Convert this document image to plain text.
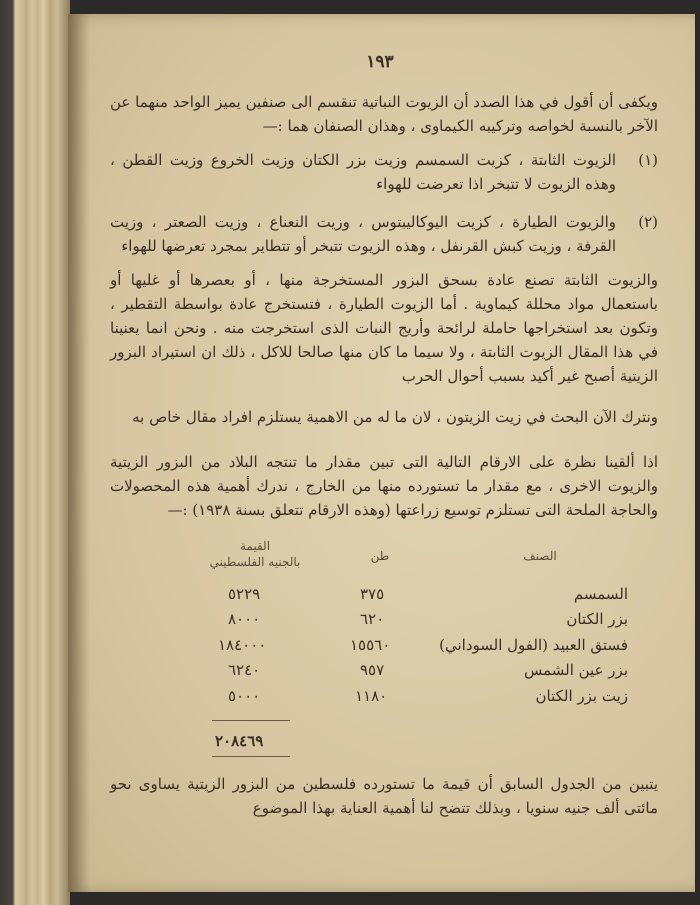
١٩٣
ويكفى أن أقول في هذا الصدد أن الزيوت النباتية تنقسم الى صنفين يميز الواحد منهما عن الآخر بالنسبة لخواصه وتركيبه الكيماوى ، وهذان الصنفان هما :—
(١)
الزيوت الثابتة ، كزيت السمسم وزيت بزر الكتان وزيت الخروع وزيت القطن ، وهذه الزيوت لا تتبخر اذا تعرضت للهواء
(٢)
والزيوت الطيارة ، كزيت اليوكاليبتوس ، وزيت النعناع ، وزيت الصعتر ، وزيت القرفة ، وزيت كبش القرنفل ، وهذه الزيوت تتبخر أو تتطاير بمجرد تعرضها للهواء
والزيوت الثابتة تصنع عادة بسحق البزور المستخرجة منها ، أو بعصرها أو غليها أو باستعمال مواد محللة كيماوية . أما الزيوت الطيارة ، فتستخرج عادة بواسطة التقطير ، وتكون بعد استخراجها حاملة لرائحة وأريج النبات الذى استخرجت منه . ونحن انما يعنينا في هذا المقال الزيوت الثابتة ، ولا سيما ما كان منها صالحا للاكل ، ذلك ان استيراد البزور الزيتية أصبح غير أكيد بسبب أحوال الحرب
ونترك الآن البحث في زيت الزيتون ، لان ما له من الاهمية يستلزم افراد مقال خاص به
اذا ألقينا نظرة على الارقام التالية التى تبين مقدار ما تنتجه البلاد من البزور الزيتية والزيوت الاخرى ، مع مقدار ما تستورده منها من الخارج ، ندرك أهمية هذه المحصولات والحاجة الملحة التى تستلزم توسيع زراعتها (وهذه الارقام تتعلق بسنة ١٩٣٨) :—
الصنف
طن
القيمة
بالجنيه الفلسطيني
السمسم
٣٧٥
٥٢٢٩
بزر الكتان
٦٢٠
٨٠٠٠
فستق العبيد (الفول السوداني)
١٥٥٦٠
١٨٤٠٠٠
بزر عين الشمس
٩٥٧
٦٢٤٠
زيت بزر الكتان
١١٨٠
٥٠٠٠
٢٠٨٤٦٩
يتبين من الجدول السابق أن قيمة ما تستورده فلسطين من البزور الزيتية يساوى نحو مائتى ألف جنيه سنويا ، وبذلك تتضح لنا أهمية العناية بهذا الموضوع
